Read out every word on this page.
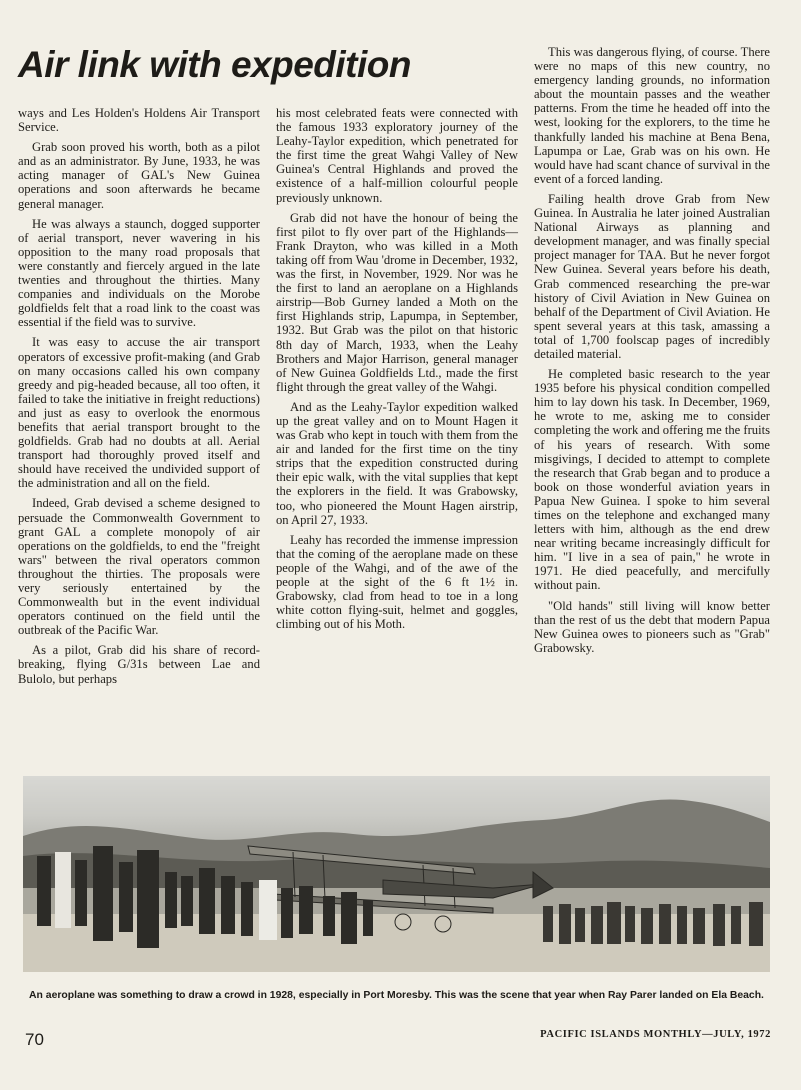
Air link with expedition

ways and Les Holden's Holdens Air Transport Service.

Grab soon proved his worth, both as a pilot and as an administrator. By June, 1933, he was acting manager of GAL's New Guinea operations and soon afterwards he became general manager.

He was always a staunch, dogged supporter of aerial transport, never wavering in his opposition to the many road proposals that were constantly and fiercely argued in the late twenties and throughout the thirties. Many companies and individuals on the Morobe goldfields felt that a road link to the coast was essential if the field was to survive.

It was easy to accuse the air transport operators of excessive profit-making (and Grab on many occasions called his own company greedy and pig-headed because, all too often, it failed to take the initiative in freight reductions) and just as easy to overlook the enormous benefits that aerial transport brought to the goldfields. Grab had no doubts at all. Aerial transport had thoroughly proved itself and should have received the undivided support of the administration and all on the field.

Indeed, Grab devised a scheme designed to persuade the Commonwealth Government to grant GAL a complete monopoly of air operations on the goldfields, to end the "freight wars" between the rival operators common throughout the thirties. The proposals were very seriously entertained by the Commonwealth but in the event individual operators continued on the field until the outbreak of the Pacific War.

As a pilot, Grab did his share of record-breaking, flying G/31s between Lae and Bulolo, but perhaps

his most celebrated feats were connected with the famous 1933 exploratory journey of the Leahy-Taylor expedition, which penetrated for the first time the great Wahgi Valley of New Guinea's Central Highlands and proved the existence of a half-million colourful people previously unknown.

Grab did not have the honour of being the first pilot to fly over part of the Highlands—Frank Drayton, who was killed in a Moth taking off from Wau 'drome in December, 1932, was the first, in November, 1929. Nor was he the first to land an aeroplane on a Highlands airstrip—Bob Gurney landed a Moth on the first Highlands strip, Lapumpa, in September, 1932. But Grab was the pilot on that historic 8th day of March, 1933, when the Leahy Brothers and Major Harrison, general manager of New Guinea Goldfields Ltd., made the first flight through the great valley of the Wahgi.

And as the Leahy-Taylor expedition walked up the great valley and on to Mount Hagen it was Grab who kept in touch with them from the air and landed for the first time on the tiny strips that the expedition constructed during their epic walk, with the vital supplies that kept the explorers in the field. It was Grabowsky, too, who pioneered the Mount Hagen airstrip, on April 27, 1933.

Leahy has recorded the immense impression that the coming of the aeroplane made on these people of the Wahgi, and of the awe of the people at the sight of the 6 ft 1½ in. Grabowsky, clad from head to toe in a long white cotton flying-suit, helmet and goggles, climbing out of his Moth.

This was dangerous flying, of course. There were no maps of this new country, no emergency landing grounds, no information about the mountain passes and the weather patterns. From the time he headed off into the west, looking for the explorers, to the time he thankfully landed his machine at Bena Bena, Lapumpa or Lae, Grab was on his own. He would have had scant chance of survival in the event of a forced landing.

Failing health drove Grab from New Guinea. In Australia he later joined Australian National Airways as planning and development manager, and was finally special project manager for TAA. But he never forgot New Guinea. Several years before his death, Grab commenced researching the pre-war history of Civil Aviation in New Guinea on behalf of the Department of Civil Aviation. He spent several years at this task, amassing a total of 1,700 foolscap pages of incredibly detailed material.

He completed basic research to the year 1935 before his physical condition compelled him to lay down his task. In December, 1969, he wrote to me, asking me to consider completing the work and offering me the fruits of his years of research. With some misgivings, I decided to attempt to complete the research that Grab began and to produce a book on those wonderful aviation years in Papua New Guinea. I spoke to him several times on the telephone and exchanged many letters with him, although as the end drew near writing became increasingly difficult for him. "I live in a sea of pain," he wrote in 1971. He died peacefully, and mercifully without pain.

"Old hands" still living will know better than the rest of us the debt that modern Papua New Guinea owes to pioneers such as "Grab" Grabowsky.

An aeroplane was something to draw a crowd in 1928, especially in Port Moresby. This was the scene that year when Ray Parer landed on Ela Beach.
70	PACIFIC ISLANDS MONTHLY—JULY, 1972
